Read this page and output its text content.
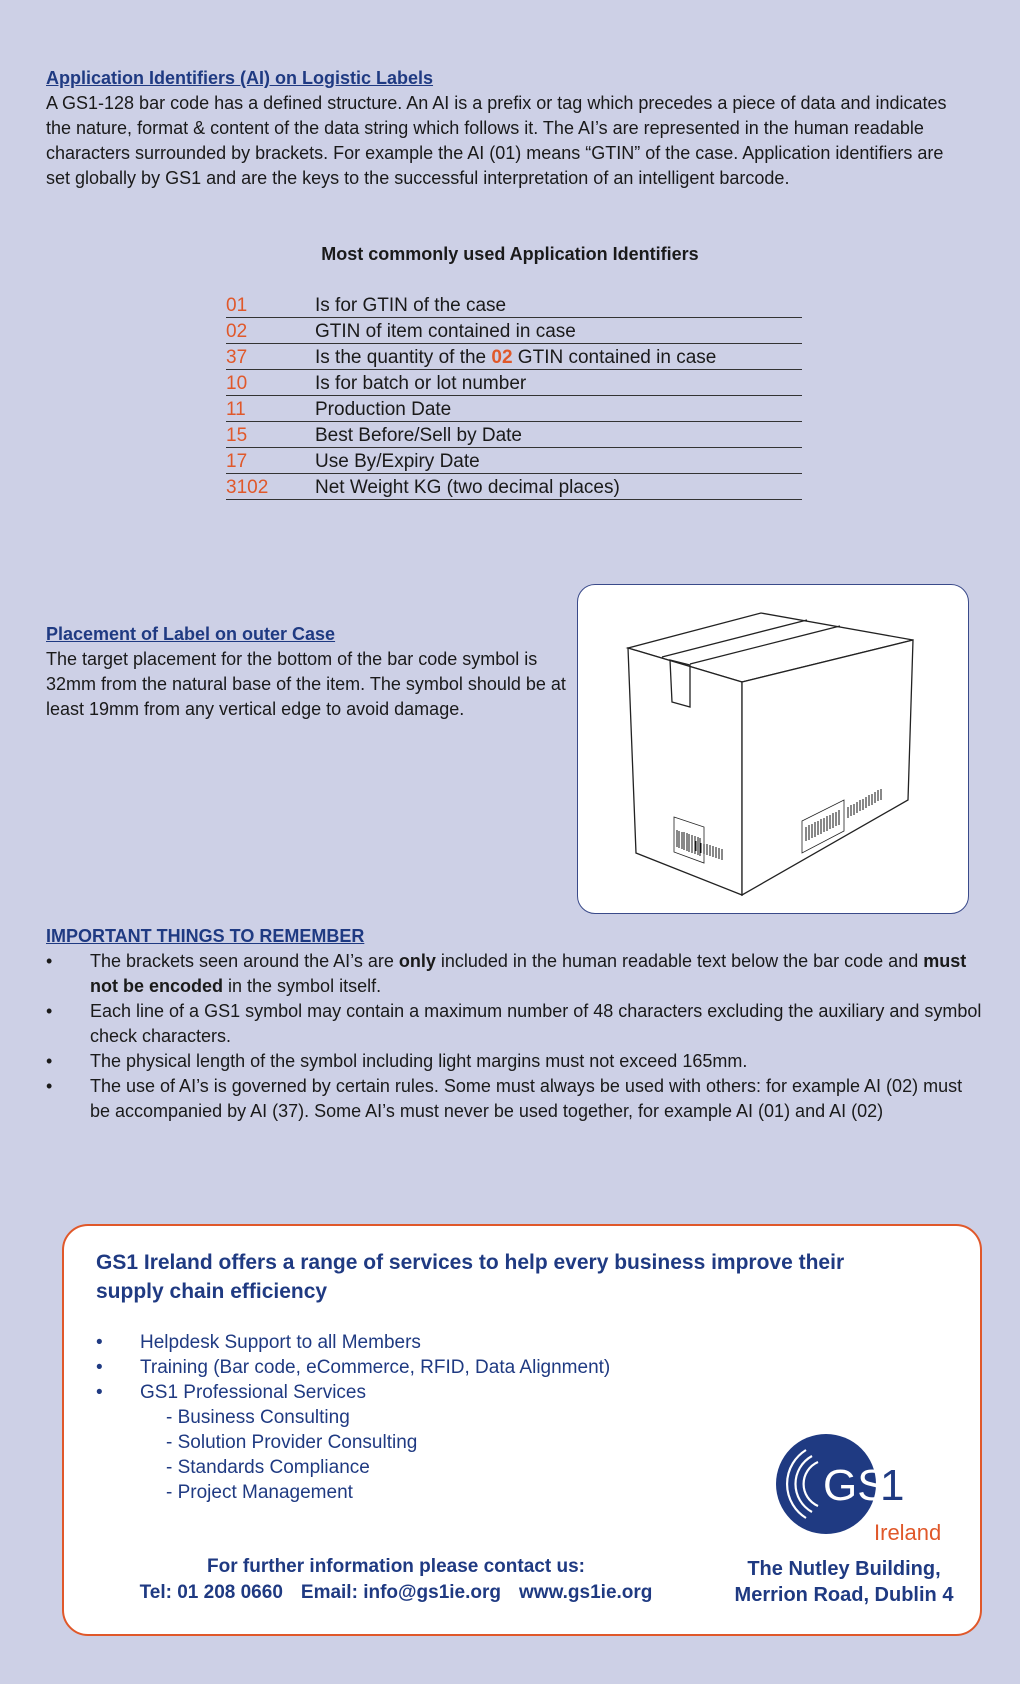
Application Identifiers (AI) on Logistic Labels

A GS1-128 bar code has a defined structure. An AI is a prefix or tag which precedes a piece of data and indicates the nature, format & content of the data string which follows it. The AI’s are represented in the human readable characters surrounded by brackets. For example the AI (01) means “GTIN” of the case. Application identifiers are set globally by GS1 and are the keys to the successful interpretation of an intelligent barcode.

Most commonly used Application Identifiers
01	Is for GTIN of the case
02	GTIN of item contained in case
37	Is the quantity of the 02 GTIN contained in case
10	Is for batch or lot number
11	Production Date
15	Best Before/Sell by Date
17	Use By/Expiry Date
3102	Net Weight KG (two decimal places)
Placement of Label on outer Case

The target placement for the bottom of the bar code symbol is 32mm from the natural base of the item. The symbol should be at least 19mm from any vertical edge to avoid damage.

IMPORTANT THINGS TO REMEMBER
• The brackets seen around the AI’s are only included in the human readable text below the bar code and must not be encoded in the symbol itself.
• Each line of a GS1 symbol may contain a maximum number of 48 characters excluding the auxiliary and symbol check characters.
• The physical length of the symbol including light margins must not exceed 165mm.
• The use of AI’s is governed by certain rules. Some must always be used with others: for example AI (02) must be accompanied by AI (37). Some AI’s must never be used together, for example AI (01) and AI (02)
GS1 Ireland offers a range of services to help every business improve their supply chain efficiency
• Helpdesk Support to all Members
• Training (Bar code, eCommerce, RFID, Data Alignment)
• GS1 Professional Services
- Business Consulting
- Solution Provider Consulting
- Standards Compliance
- Project Management	GS
1
Ireland
For further information please contact us:
Tel: 01 208 0660 Email: info@gs1ie.org www.gs1ie.org
The Nutley Building,
Merrion Road, Dublin 4
